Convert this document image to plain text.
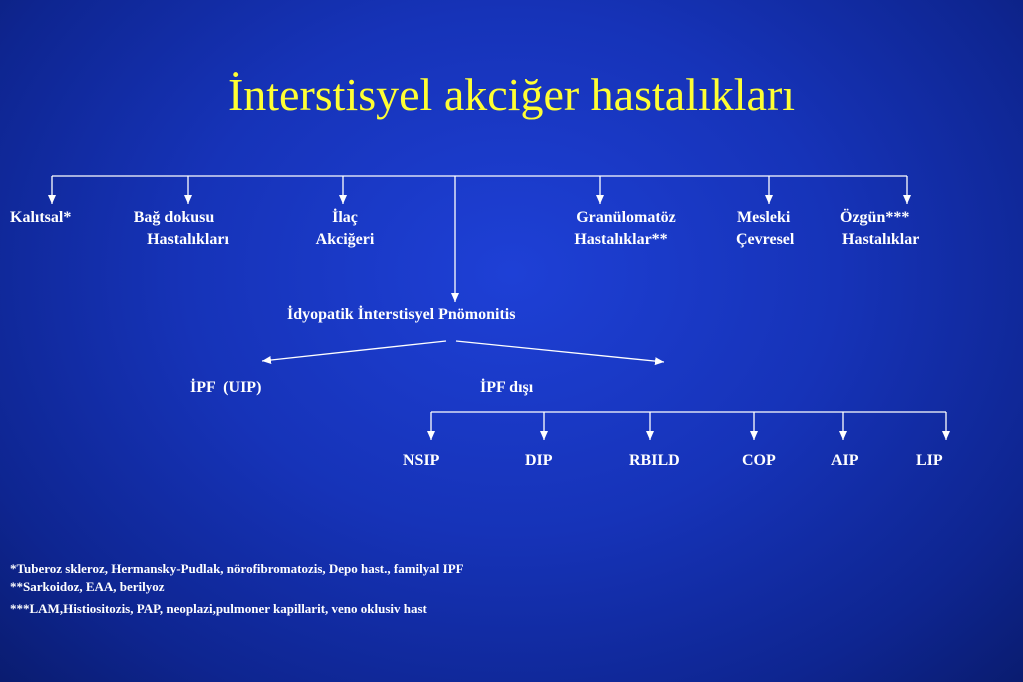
İnterstisyel akciğer hastalıkları
Kalıtsal*	Bağ dokusu
Hastalıkları
İlaç
Akciğeri
Granülomatöz
Hastalıklar**
Mesleki
Çevresel
Özgün***
Hastalıklar
İdyopatik İnterstisyel Pnömonitis
İPF  (UIP)	İPF dışı
NSIP	DIP	RBILD	COP	AIP	LIP
*Tuberoz skleroz, Hermansky-Pudlak, nörofibromatozis, Depo hast., familyal IPF
**Sarkoidoz, EAA, berilyoz
***LAM,Histiositozis, PAP, neoplazi,pulmoner kapillarit, veno oklusiv hast
